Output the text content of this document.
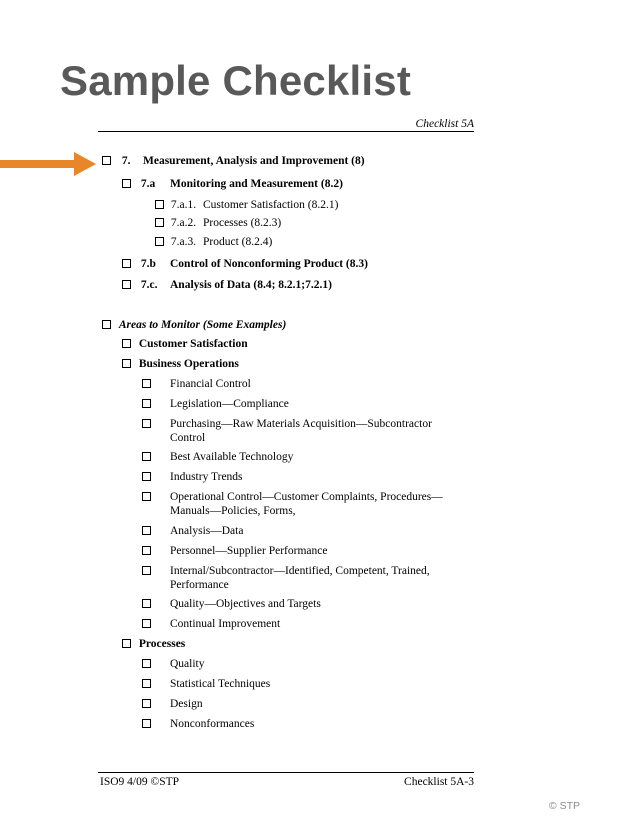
Sample Checklist
Checklist 5A
7. Measurement, Analysis and Improvement (8)
7.a Monitoring and Measurement (8.2)
7.a.1. Customer Satisfaction (8.2.1)
7.a.2. Processes (8.2.3)
7.a.3. Product (8.2.4)
7.b Control of Nonconforming Product (8.3)
7.c. Analysis of Data (8.4; 8.2.1;7.2.1)
Areas to Monitor (Some Examples)
Customer Satisfaction
Business Operations
Financial Control
Legislation—Compliance
Purchasing—Raw Materials Acquisition—Subcontractor Control
Best Available Technology
Industry Trends
Operational Control—Customer Complaints, Procedures—Manuals—Policies, Forms,
Analysis—Data
Personnel—Supplier Performance
Internal/Subcontractor—Identified, Competent, Trained, Performance
Quality—Objectives and Targets
Continual Improvement
Processes
Quality
Statistical Techniques
Design
Nonconformances
ISO9 4/09 ©STP	Checklist 5A-3
© STP
